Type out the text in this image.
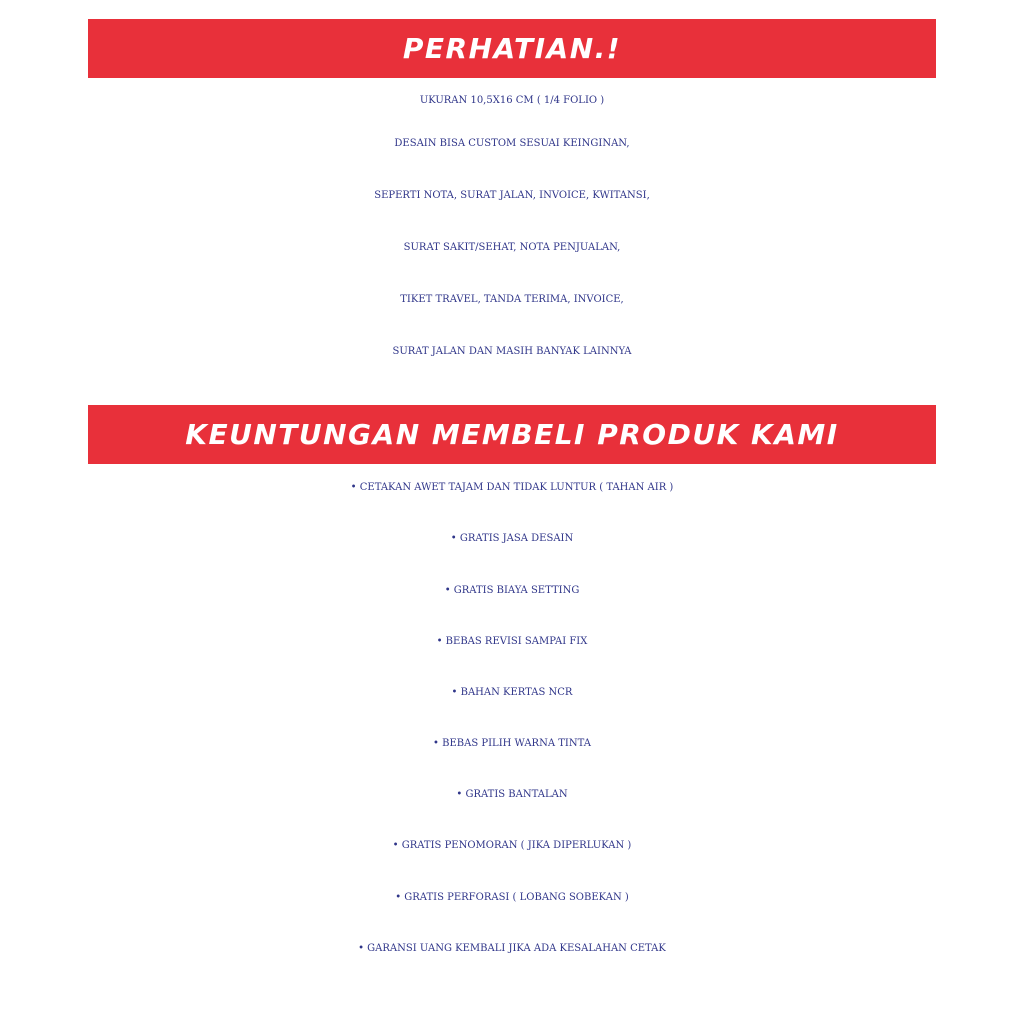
PERHATIAN.!
UKURAN 10,5X16 CM ( 1/4 FOLIO )
DESAIN BISA CUSTOM SESUAI KEINGINAN,
SEPERTI NOTA, SURAT JALAN, INVOICE, KWITANSI,
SURAT SAKIT/SEHAT, NOTA PENJUALAN,
TIKET TRAVEL, TANDA TERIMA, INVOICE,
SURAT JALAN DAN MASIH BANYAK LAINNYA
KEUNTUNGAN MEMBELI PRODUK KAMI
• CETAKAN AWET TAJAM DAN TIDAK LUNTUR ( TAHAN AIR )
• GRATIS JASA DESAIN
• GRATIS BIAYA SETTING
• BEBAS REVISI SAMPAI FIX
• BAHAN KERTAS NCR
• BEBAS PILIH WARNA TINTA
• GRATIS BANTALAN
• GRATIS PENOMORAN ( JIKA DIPERLUKAN )
• GRATIS PERFORASI ( LOBANG SOBEKAN )
• GARANSI UANG KEMBALI JIKA ADA KESALAHAN CETAK
